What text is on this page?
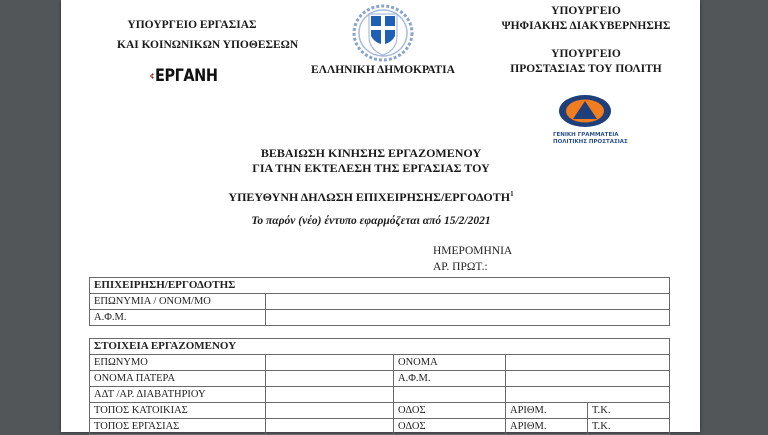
ΥΠΟΥΡΓΕΙΟ ΕΡΓΑΣΙΑΣ
ΚΑΙ ΚΟΙΝΩΝΙΚΩΝ ΥΠΟΘΕΣΕΩΝ
ΕΡΓΑΝΗ	ΕΛΛΗΝΙΚΗ ΔΗΜΟΚΡΑΤΙΑ
ΥΠΟΥΡΓΕΙΟ
ΨΗΦΙΑΚΗΣ ΔΙΑΚΥΒΕΡΝΗΣΗΣ
ΥΠΟΥΡΓΕΙΟ
ΠΡΟΣΤΑΣΙΑΣ ΤΟΥ ΠΟΛΙΤΗ
ΓΕΝΙΚΗ ΓΡΑΜΜΑΤΕΙΑ
ΠΟΛΙΤΙΚΗΣ ΠΡΟΣΤΑΣΙΑΣ
ΒΕΒΑΙΩΣΗ ΚΙΝΗΣΗΣ ΕΡΓΑΖΟΜΕΝΟΥ
ΓΙΑ ΤΗΝ ΕΚΤΕΛΕΣΗ ΤΗΣ ΕΡΓΑΣΙΑΣ ΤΟΥ
ΥΠΕΥΘΥΝΗ ΔΗΛΩΣΗ ΕΠΙΧΕΙΡΗΣΗΣ/ΕΡΓΟΔΟΤΗ$^1$
Το παρόν (νέο) έντυπο εφαρμόζεται από 15/2/2021
ΗΜΕΡΟΜΗΝΙΑ
ΑΡ. ΠΡΩΤ.:
ΕΠΙΧΕΙΡΗΣΗ/ΕΡΓΟΔΟΤΗΣ	
ΕΠΩΝΥΜΙΑ / ΟΝΟΜ/ΜΟ	
Α.Φ.Μ.	
ΣΤΟΙΧΕΙΑ ΕΡΓΑΖΟΜΕΝΟΥ				
ΕΠΩΝΥΜΟ		ΟΝΟΜΑ		
ΟΝΟΜΑ ΠΑΤΕΡΑ		Α.Φ.Μ.		
ΑΔΤ /ΑΡ. ΔΙΑΒΑΤΗΡΙΟΥ				
ΤΟΠΟΣ ΚΑΤΟΙΚΙΑΣ		ΟΔΟΣ	ΑΡΙΘΜ.	Τ.Κ.
ΤΟΠΟΣ ΕΡΓΑΣΙΑΣ		ΟΔΟΣ	ΑΡΙΘΜ.	Τ.Κ.
